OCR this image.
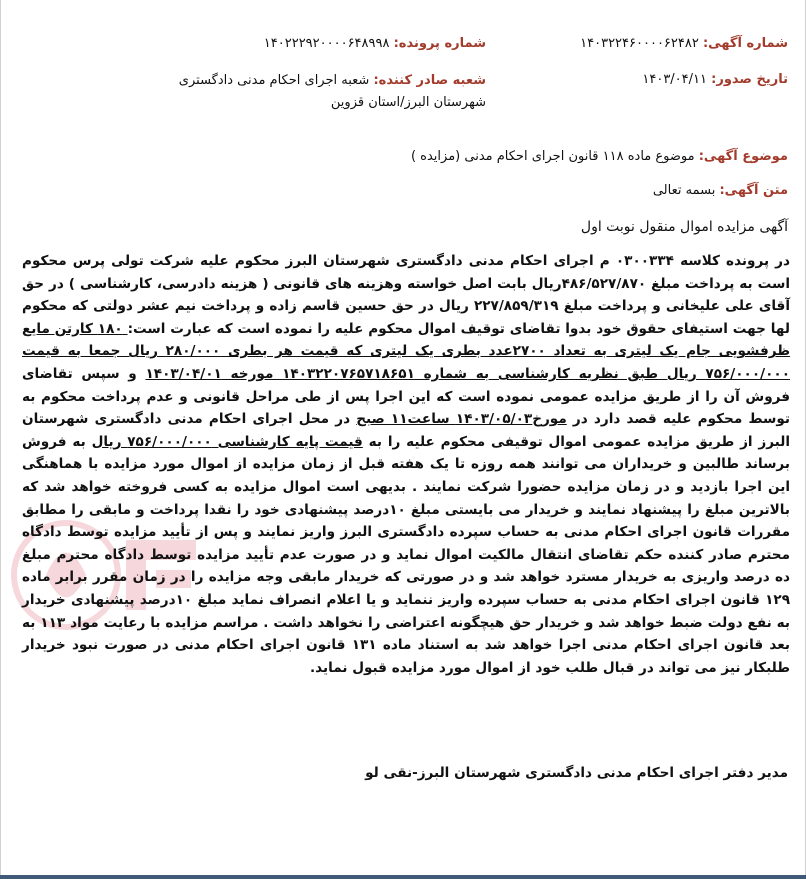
شماره آگهی: ۱۴۰۳۲۲۴۶۰۰۰۰۶۲۴۸۲
تاریخ صدور: ۱۴۰۳/۰۴/۱۱
شماره پرونده: ۱۴۰۲۲۲۹۲۰۰۰۰۶۴۸۹۹۸
شعبه صادر کننده: شعبه اجرای احکام مدنی دادگستری شهرستان البرز/استان قزوین
موضوع آگهی: موضوع ماده ۱۱۸ قانون اجرای احکام مدنی (مزایده )
متن آگهی: بسمه تعالی
آگهی مزایده اموال منقول نوبت اول
در پرونده کلاسه ۰۳۰۰۳۳۴ م اجرای احکام مدنی دادگستری شهرستان البرز محکوم علیه شرکت تولی پرس محکوم است به پرداخت مبلغ ۴۸۶/۵۲۷/۸۷۰ریال بابت اصل خواسته وهزینه های قانونی ( هزینه دادرسی، کارشناسی ) در حق آقای علی علیخانی و پرداخت مبلغ ۲۲۷/۸۵۹/۳۱۹ ریال در حق حسین قاسم زاده و پرداخت نیم عشر دولتی که محکوم لها جهت استیفای حقوق خود بدوا تقاضای توقیف اموال محکوم علیه را نموده است که عبارت است: ۱۸۰ کارتن مایع ظرفشویی جام یک لیتری به تعداد ۲۷۰۰عدد بطری یک لیتری که قیمت هر بطری ۲۸۰/۰۰۰ ریال جمعا به قیمت ۷۵۶/۰۰۰/۰۰۰ ریال طبق نظریه کارشناسی به شماره ۱۴۰۳۲۲۰۷۶۵۷۱۸۶۵۱ مورخه ۱۴۰۳/۰۴/۰۱ و سپس تقاضای فروش آن را از طریق مزایده عمومی نموده است که این اجرا پس از طی مراحل قانونی و عدم پرداخت محکوم به توسط محکوم علیه قصد دارد در مورخ۱۴۰۳/۰۵/۰۳ ساعت۱۱ صبح در محل اجرای احکام مدنی دادگستری شهرستان البرز از طریق مزایده عمومی اموال توقیفی محکوم علیه را به قیمت پایه کارشناسی ۷۵۶/۰۰۰/۰۰۰ ریال به فروش برساند طالبین و خریداران می توانند همه روزه تا یک هفته قبل از زمان مزایده از اموال مورد مزایده با هماهنگی این اجرا بازدید و در زمان مزایده حضورا شرکت نمایند . بدیهی است اموال مزایده به کسی فروخته خواهد شد که بالاترین مبلغ را پیشنهاد نمایند و خریدار می بایستی مبلغ ۱۰درصد پیشنهادی خود را نقدا پرداخت و مابقی را مطابق مقررات قانون اجرای احکام مدنی به حساب سپرده دادگستری البرز واریز نمایند و پس از تأیید مزایده توسط دادگاه محترم صادر کننده حکم تقاضای انتقال مالکیت اموال نماید و در صورت عدم تأیید مزایده توسط دادگاه محترم مبلغ ده درصد واریزی به خریدار مسترد خواهد شد و در صورتی که خریدار مابقی وجه مزایده را در زمان مقرر برابر ماده ۱۲۹ قانون اجرای احکام مدنی به حساب سپرده واریز ننماید و یا اعلام انصراف نماید مبلغ ۱۰درصد پیشنهادی خریدار به نفع دولت ضبط خواهد شد و خریدار حق هیچگونه اعتراضی را نخواهد داشت . مراسم مزایده با رعایت مواد ۱۱۳ به بعد قانون اجرای احکام مدنی اجرا خواهد شد به استناد ماده ۱۳۱ قانون اجرای احکام مدنی در صورت نبود خریدار طلبکار نیز می تواند در قبال طلب خود از اموال مورد مزایده قبول نماید.
مدیر دفتر اجرای احکام مدنی دادگستری شهرستان البرز-نقی لو
